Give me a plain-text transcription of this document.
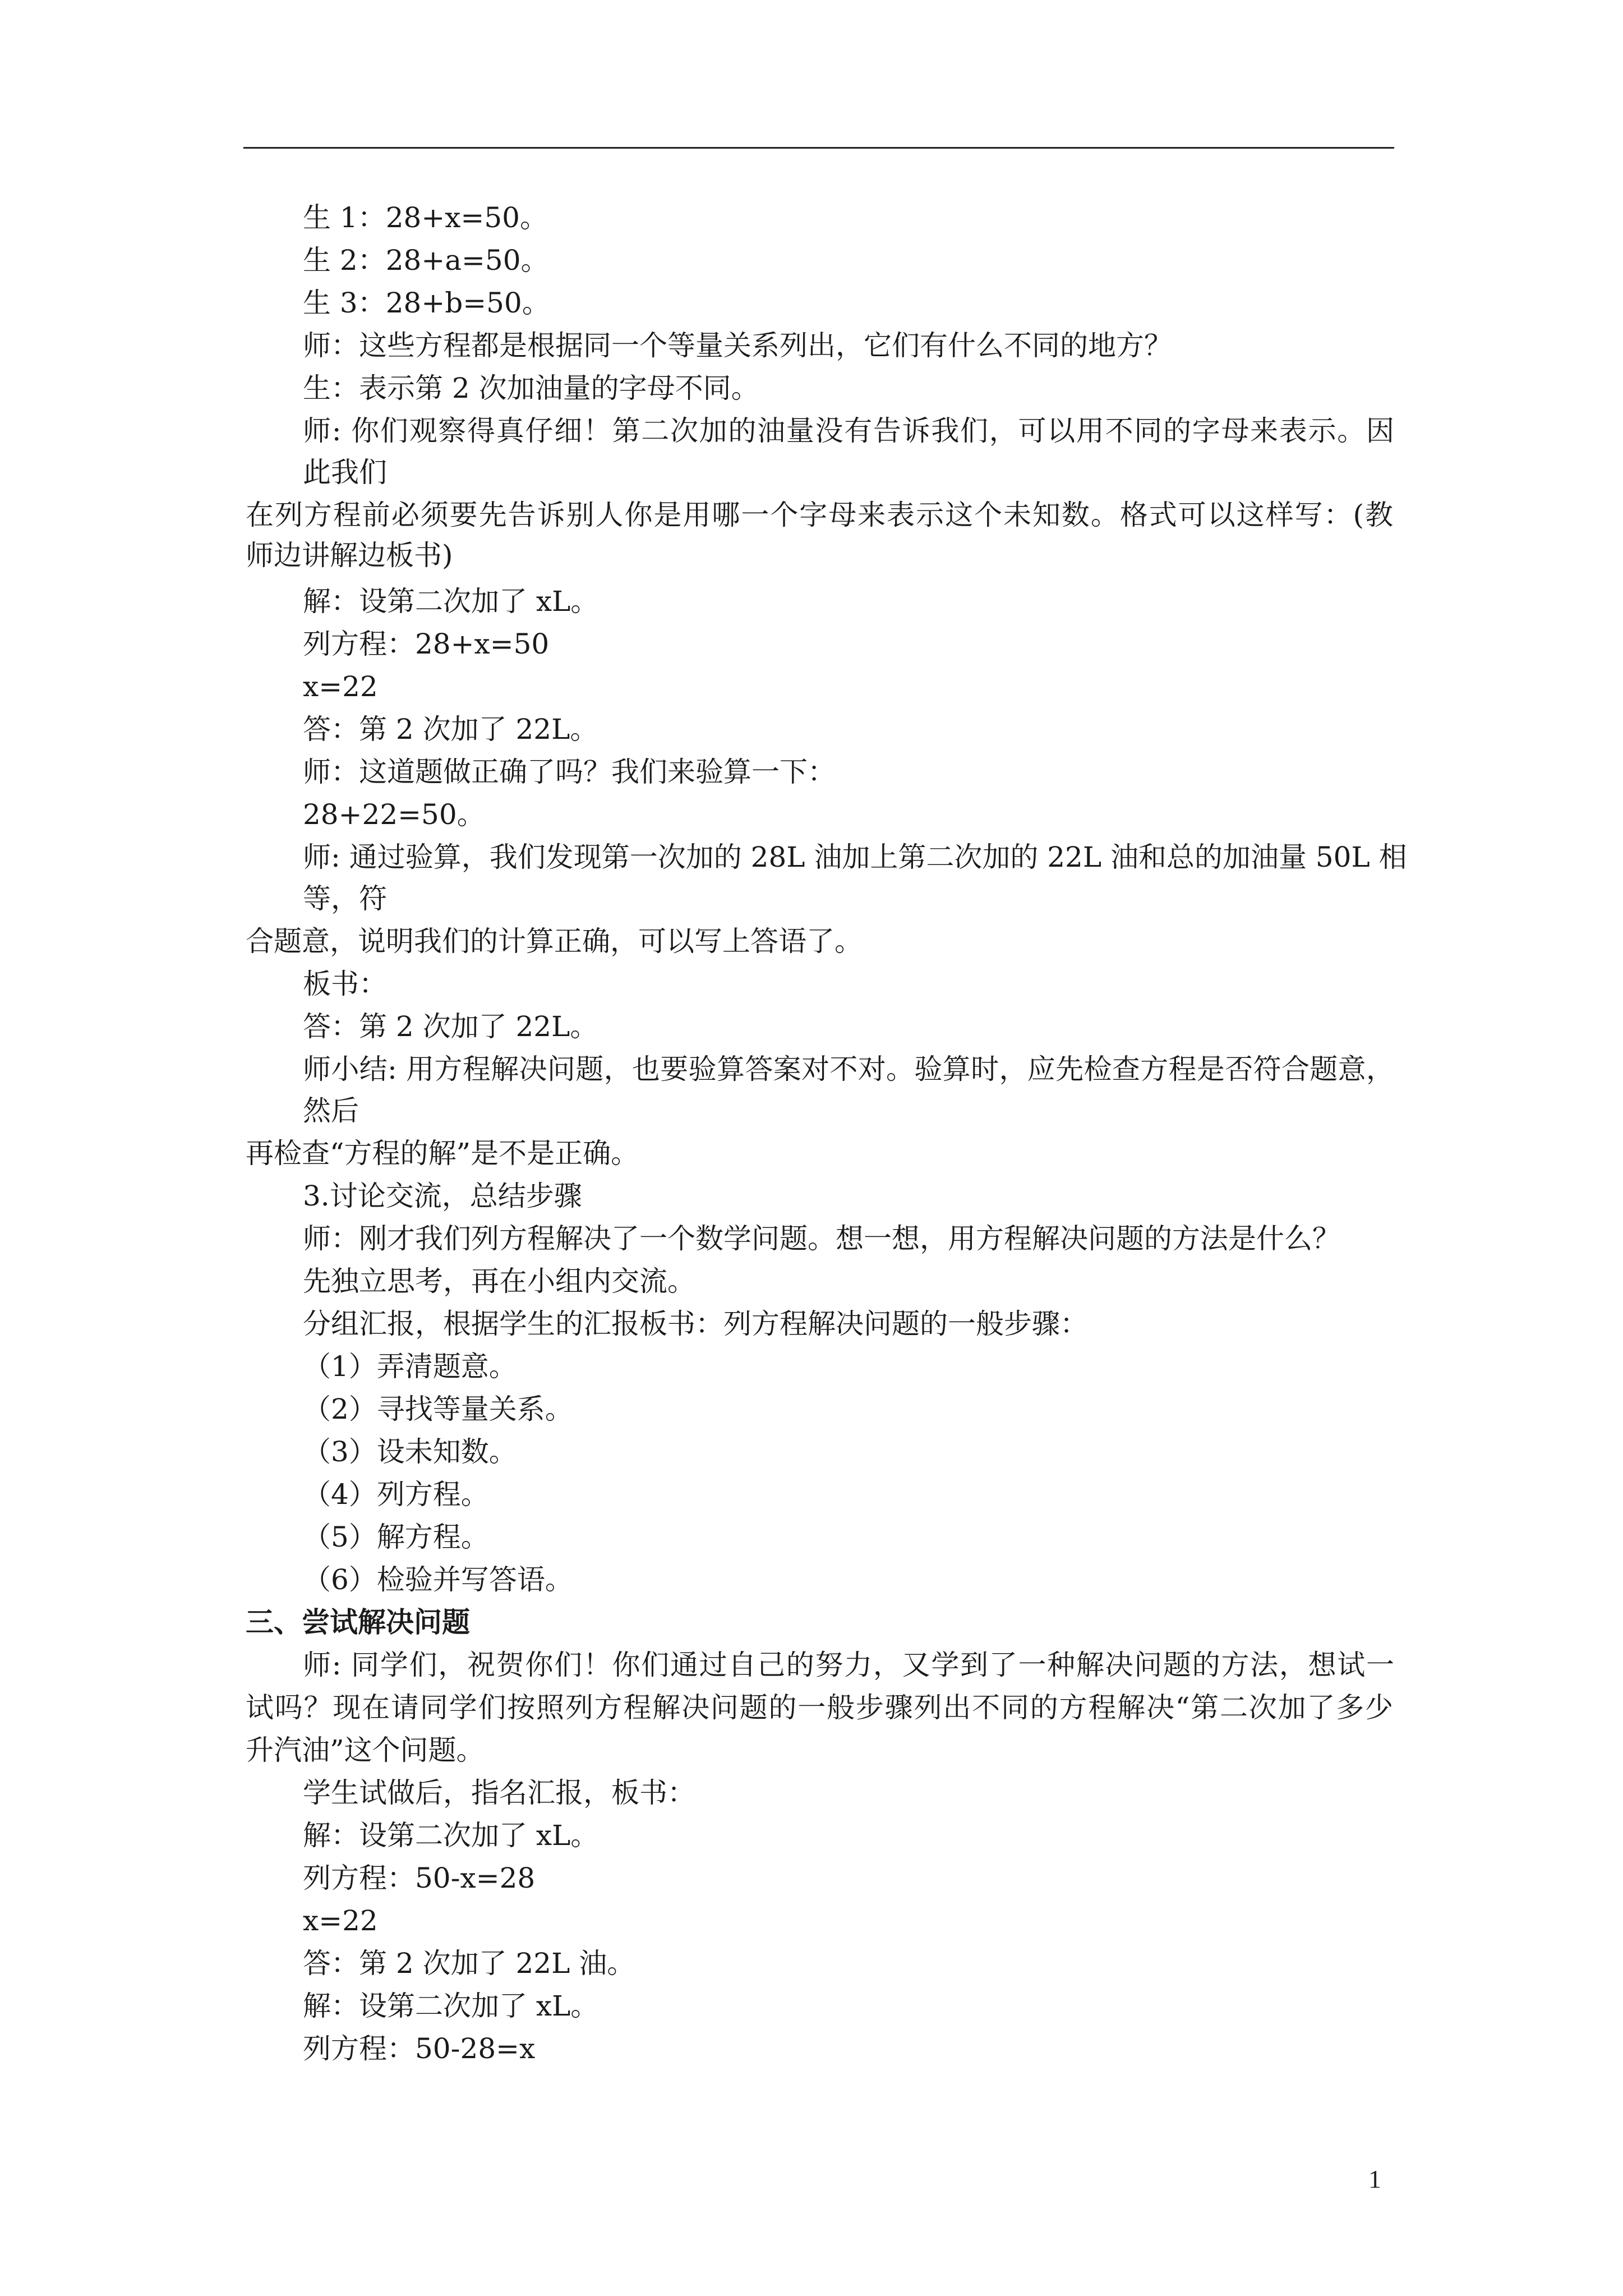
生 1：28+x=50。
生 2：28+a=50。
生 3：28+b=50。
师：这些方程都是根据同一个等量关系列出，它们有什么不同的地方？
生：表示第 2 次加油量的字母不同。
师: 你们观察得真仔细！第二次加的油量没有告诉我们，可以用不同的字母来表示。因
此我们
在列方程前必须要先告诉别人你是用哪一个字母来表示这个未知数。格式可以这样写：(教
师边讲解边板书)
解：设第二次加了 xL。
列方程：28+x=50
x=22
答：第 2 次加了 22L。
师：这道题做正确了吗？我们来验算一下：
28+22=50。
师: 通过验算，我们发现第一次加的 28L 油加上第二次加的 22L 油和总的加油量 50L 相
等，符
合题意，说明我们的计算正确，可以写上答语了。
板书：
答：第 2 次加了 22L。
师小结: 用方程解决问题，也要验算答案对不对。验算时，应先检查方程是否符合题意，
然后
再检查“方程的解”是不是正确。
3.讨论交流，总结步骤
师：刚才我们列方程解决了一个数学问题。想一想，用方程解决问题的方法是什么？
先独立思考，再在小组内交流。
分组汇报，根据学生的汇报板书：列方程解决问题的一般步骤：
（1）弄清题意。
（2）寻找等量关系。
（3）设未知数。
（4）列方程。
（5）解方程。
（6）检验并写答语。
三、尝试解决问题
师: 同学们，祝贺你们！你们通过自己的努力，又学到了一种解决问题的方法，想试一
试吗？现在请同学们按照列方程解决问题的一般步骤列出不同的方程解决“第二次加了多少
升汽油”这个问题。
学生试做后，指名汇报，板书：
解：设第二次加了 xL。
列方程：50-x=28
x=22
答：第 2 次加了 22L 油。
解：设第二次加了 xL。
列方程：50-28=x
1
